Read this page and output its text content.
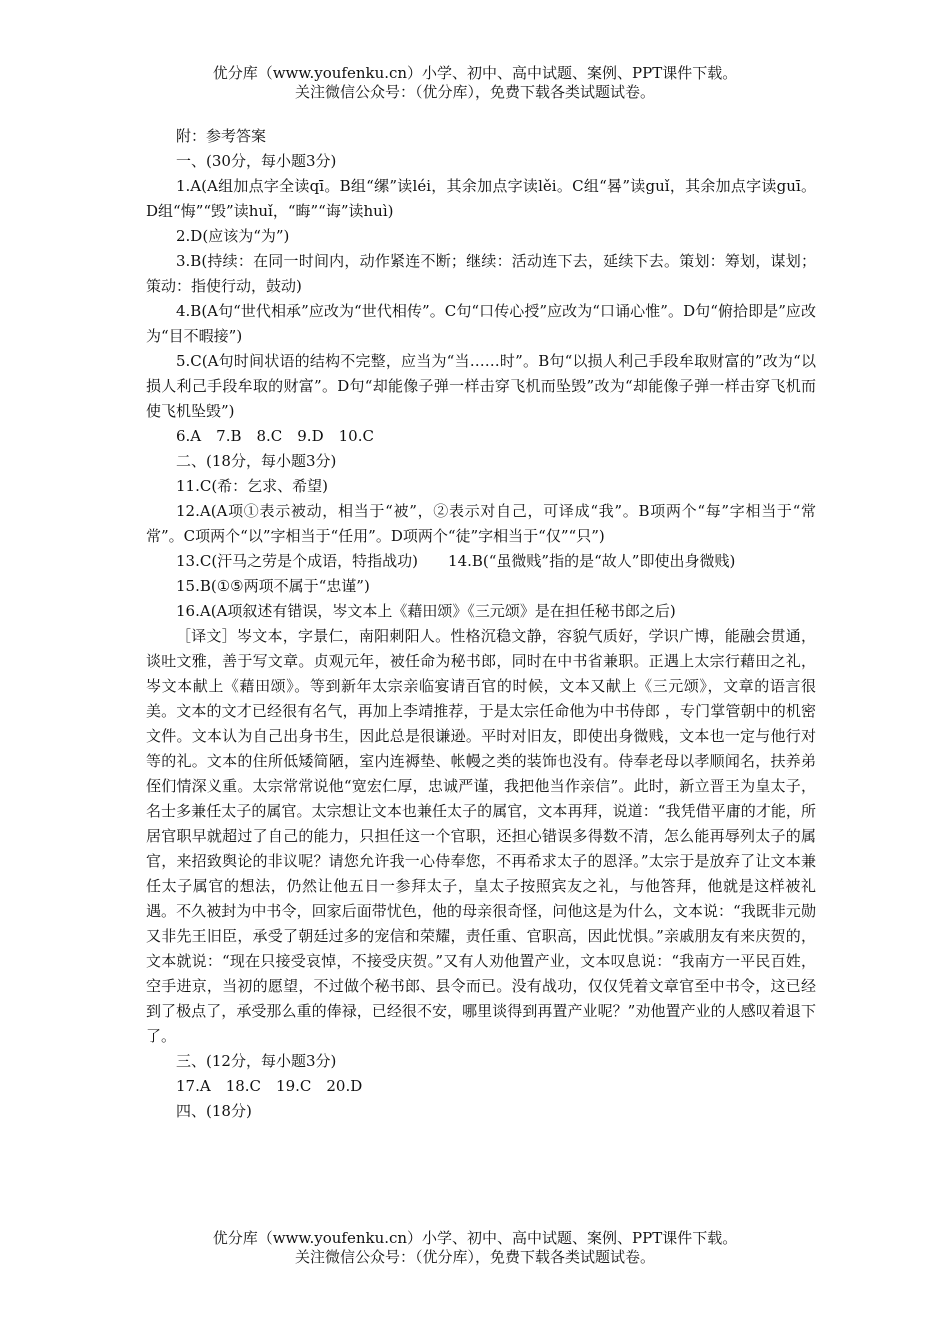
优分库（www.youfenku.cn）小学、初中、高中试题、案例、PPT课件下载。
关注微信公众号：（优分库），免费下载各类试题试卷。

附：参考答案

一、(30分，每小题3分)

1.A(A组加点字全读qī。B组“缧”读léi，其余加点字读lěi。C组“晷”读guǐ，其余加点字读guī。D组“悔”“毁”读huǐ，“晦”“诲”读huì)

2.D(应该为“为”)

3.B(持续：在同一时间内，动作紧连不断；继续：活动连下去，延续下去。策划：筹划，谋划；策动：指使行动，鼓动)

4.B(A句“世代相承”应改为“世代相传”。C句“口传心授”应改为“口诵心惟”。D句“俯拾即是”应改为“目不暇接”)

5.C(A句时间状语的结构不完整，应当为“当……时”。B句“以损人利己手段牟取财富的”改为“以损人利己手段牟取的财富”。D句“却能像子弹一样击穿飞机而坠毁”改为“却能像子弹一样击穿飞机而使飞机坠毁”)

6.A　7.B　8.C　9.D　10.C

二、(18分，每小题3分)

11.C(希：乞求、希望)

12.A(A项①表示被动，相当于“被”，②表示对自己，可译成“我”。B项两个“每”字相当于“常常”。C项两个“以”字相当于“任用”。D项两个“徒”字相当于“仅”“只”)

13.C(汗马之劳是个成语，特指战功)　　14.B(“虽微贱”指的是“故人”即使出身微贱)

15.B(①⑤两项不属于“忠谨”)

16.A(A项叙述有错误，岑文本上《藉田颂》《三元颂》是在担任秘书郎之后)

［译文］岑文本，字景仁，南阳刺阳人。性格沉稳文静，容貌气质好，学识广博，能融会贯通，谈吐文雅，善于写文章。贞观元年，被任命为秘书郎，同时在中书省兼职。正遇上太宗行藉田之礼，岑文本献上《藉田颂》。等到新年太宗亲临宴请百官的时候，文本又献上《三元颂》，文章的语言很美。文本的文才已经很有名气，再加上李靖推荐，于是太宗任命他为中书侍郎 ，专门掌管朝中的机密文件。文本认为自己出身书生，因此总是很谦逊。平时对旧友，即使出身微贱，文本也一定与他行对等的礼。文本的住所低矮简陋，室内连褥垫、帐幔之类的装饰也没有。侍奉老母以孝顺闻名，扶养弟侄们情深义重。太宗常常说他“宽宏仁厚，忠诚严谨，我把他当作亲信”。此时，新立晋王为皇太子，名士多兼任太子的属官。太宗想让文本也兼任太子的属官，文本再拜，说道：“我凭借平庸的才能，所居官职早就超过了自己的能力，只担任这一个官职，还担心错误多得数不清，怎么能再辱列太子的属官，来招致舆论的非议呢？请您允许我一心侍奉您，不再希求太子的恩泽。”太宗于是放弃了让文本兼任太子属官的想法，仍然让他五日一参拜太子，皇太子按照宾友之礼，与他答拜，他就是这样被礼遇。不久被封为中书令，回家后面带忧色，他的母亲很奇怪，问他这是为什么，文本说：“我既非元勋又非先王旧臣，承受了朝廷过多的宠信和荣耀，责任重、官职高，因此忧惧。”亲戚朋友有来庆贺的，文本就说：“现在只接受哀悼，不接受庆贺。”又有人劝他置产业，文本叹息说：“我南方一平民百姓，空手进京，当初的愿望，不过做个秘书郎、县令而已。没有战功，仅仅凭着文章官至中书令，这已经到了极点了，承受那么重的俸禄，已经很不安，哪里谈得到再置产业呢？”劝他置产业的人感叹着退下了。

三、(12分，每小题3分)

17.A　18.C　19.C　20.D

四、(18分)

优分库（www.youfenku.cn）小学、初中、高中试题、案例、PPT课件下载。
关注微信公众号：（优分库），免费下载各类试题试卷。
